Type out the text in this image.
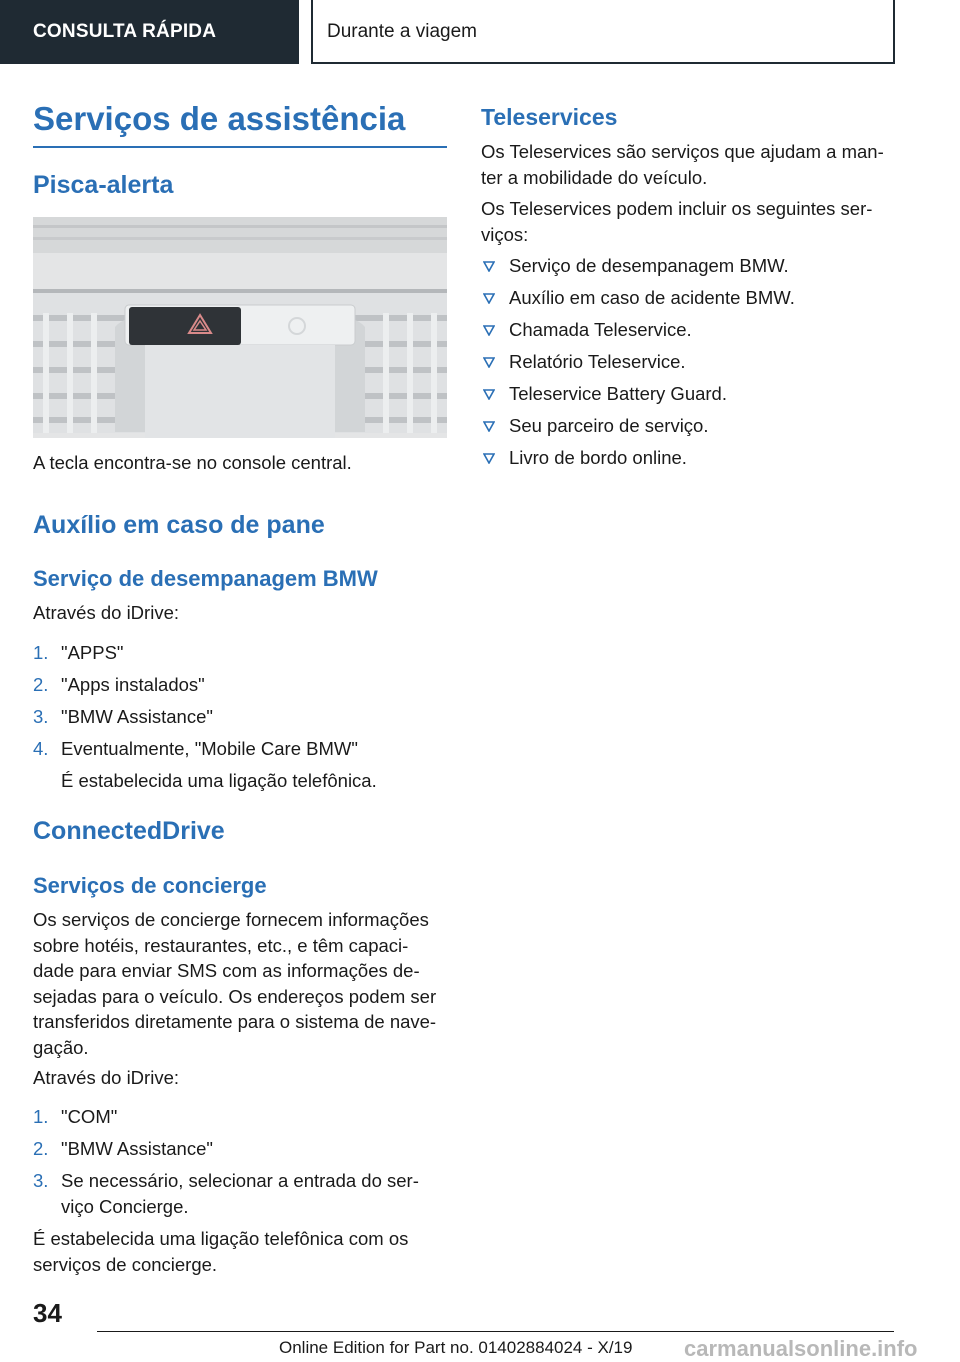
CONSULTA RÁPIDA	Durante a viagem
Serviços de assistência
Pisca-alerta

A tecla encontra-se no console central.

Auxílio em caso de pane
Serviço de desempanagem BMW

Através do iDrive:

1. "APPS"
2. "Apps instalados"
3. "BMW Assistance"
4. Eventualmente, "Mobile Care BMW"

É estabelecida uma ligação telefônica.

ConnectedDrive
Serviços de concierge
Os serviços de concierge fornecem informações
sobre hotéis, restaurantes, etc., e têm capaci-
dade para enviar SMS com as informações de-
sejadas para o veículo. Os endereços podem ser
transferidos diretamente para o sistema de nave-
gação.

Através do iDrive:

1. "COM"
2. "BMW Assistance"
3. Se necessário, selecionar a entrada do ser-
viço Concierge.
É estabelecida uma ligação telefônica com os
serviços de concierge.
Teleservices
Os Teleservices são serviços que ajudam a man-
ter a mobilidade do veículo.
Os Teleservices podem incluir os seguintes ser-
viços:
Serviço de desempanagem BMW.
Auxílio em caso de acidente BMW.
Chamada Teleservice.
Relatório Teleservice.
Teleservice Battery Guard.
Seu parceiro de serviço.
Livro de bordo online.
34
Online Edition for Part no. 01402884024 - X/19 carmanualsonline.info
